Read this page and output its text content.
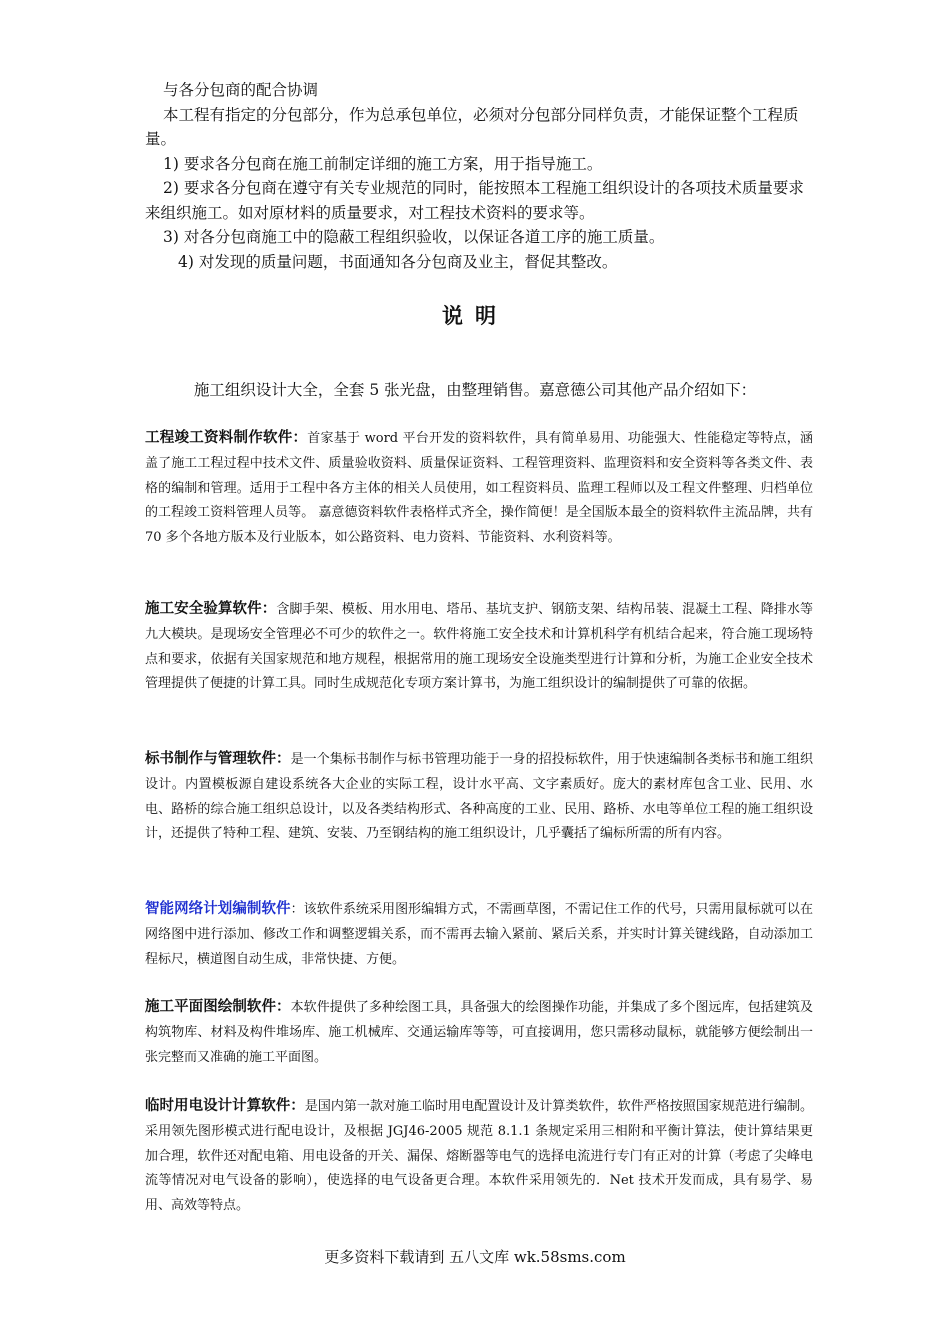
与各分包商的配合协调

本工程有指定的分包部分，作为总承包单位，必须对分包部分同样负责，才能保证整个工程质量。

1) 要求各分包商在施工前制定详细的施工方案，用于指导施工。

2) 要求各分包商在遵守有关专业规范的同时，能按照本工程施工组织设计的各项技术质量要求来组织施工。如对原材料的质量要求，对工程技术资料的要求等。

3) 对各分包商施工中的隐蔽工程组织验收，以保证各道工序的施工质量。

4) 对发现的质量问题，书面通知各分包商及业主，督促其整改。

说明
施工组织设计大全，全套 5 张光盘，由整理销售。嘉意德公司其他产品介绍如下：

工程竣工资料制作软件：首家基于 word 平台开发的资料软件，具有简单易用、功能强大、性能稳定等特点，涵盖了施工工程过程中技术文件、质量验收资料、质量保证资料、工程管理资料、监理资料和安全资料等各类文件、表格的编制和管理。适用于工程中各方主体的相关人员使用，如工程资料员、监理工程师以及工程文件整理、归档单位的工程竣工资料管理人员等。 嘉意德资料软件表格样式齐全，操作简便！是全国版本最全的资料软件主流品牌，共有 70 多个各地方版本及行业版本，如公路资料、电力资料、节能资料、水利资料等。

施工安全验算软件：含脚手架、模板、用水用电、塔吊、基坑支护、钢筋支架、结构吊装、混凝土工程、降排水等九大模块。是现场安全管理必不可少的软件之一。软件将施工安全技术和计算机科学有机结合起来，符合施工现场特点和要求，依据有关国家规范和地方规程，根据常用的施工现场安全设施类型进行计算和分析，为施工企业安全技术管理提供了便捷的计算工具。同时生成规范化专项方案计算书，为施工组织设计的编制提供了可靠的依据。

标书制作与管理软件：是一个集标书制作与标书管理功能于一身的招投标软件，用于快速编制各类标书和施工组织设计。内置模板源自建设系统各大企业的实际工程，设计水平高、文字素质好。庞大的素材库包含工业、民用、水电、路桥的综合施工组织总设计，以及各类结构形式、各种高度的工业、民用、路桥、水电等单位工程的施工组织设计，还提供了特种工程、建筑、安装、乃至钢结构的施工组织设计，几乎囊括了编标所需的所有内容。

智能网络计划编制软件：该软件系统采用图形编辑方式，不需画草图，不需记住工作的代号，只需用鼠标就可以在网络图中进行添加、修改工作和调整逻辑关系，而不需再去输入紧前、紧后关系，并实时计算关键线路，自动添加工程标尺，横道图自动生成，非常快捷、方便。

施工平面图绘制软件：本软件提供了多种绘图工具，具备强大的绘图操作功能，并集成了多个图远库，包括建筑及构筑物库、材料及构件堆场库、施工机械库、交通运输库等等，可直接调用，您只需移动鼠标，就能够方便绘制出一张完整而又准确的施工平面图。

临时用电设计计算软件：是国内第一款对施工临时用电配置设计及计算类软件，软件严格按照国家规范进行编制。采用领先图形模式进行配电设计，及根据 JGJ46-2005 规范 8.1.1 条规定采用三相附和平衡计算法，使计算结果更加合理，软件还对配电箱、用电设备的开关、漏保、熔断器等电气的选择电流进行专门有正对的计算（考虑了尖峰电流等情况对电气设备的影响），使选择的电气设备更合理。本软件采用领先的．Net 技术开发而成，具有易学、易用、高效等特点。

更多资料下载请到 五八文库 wk.58sms.com
